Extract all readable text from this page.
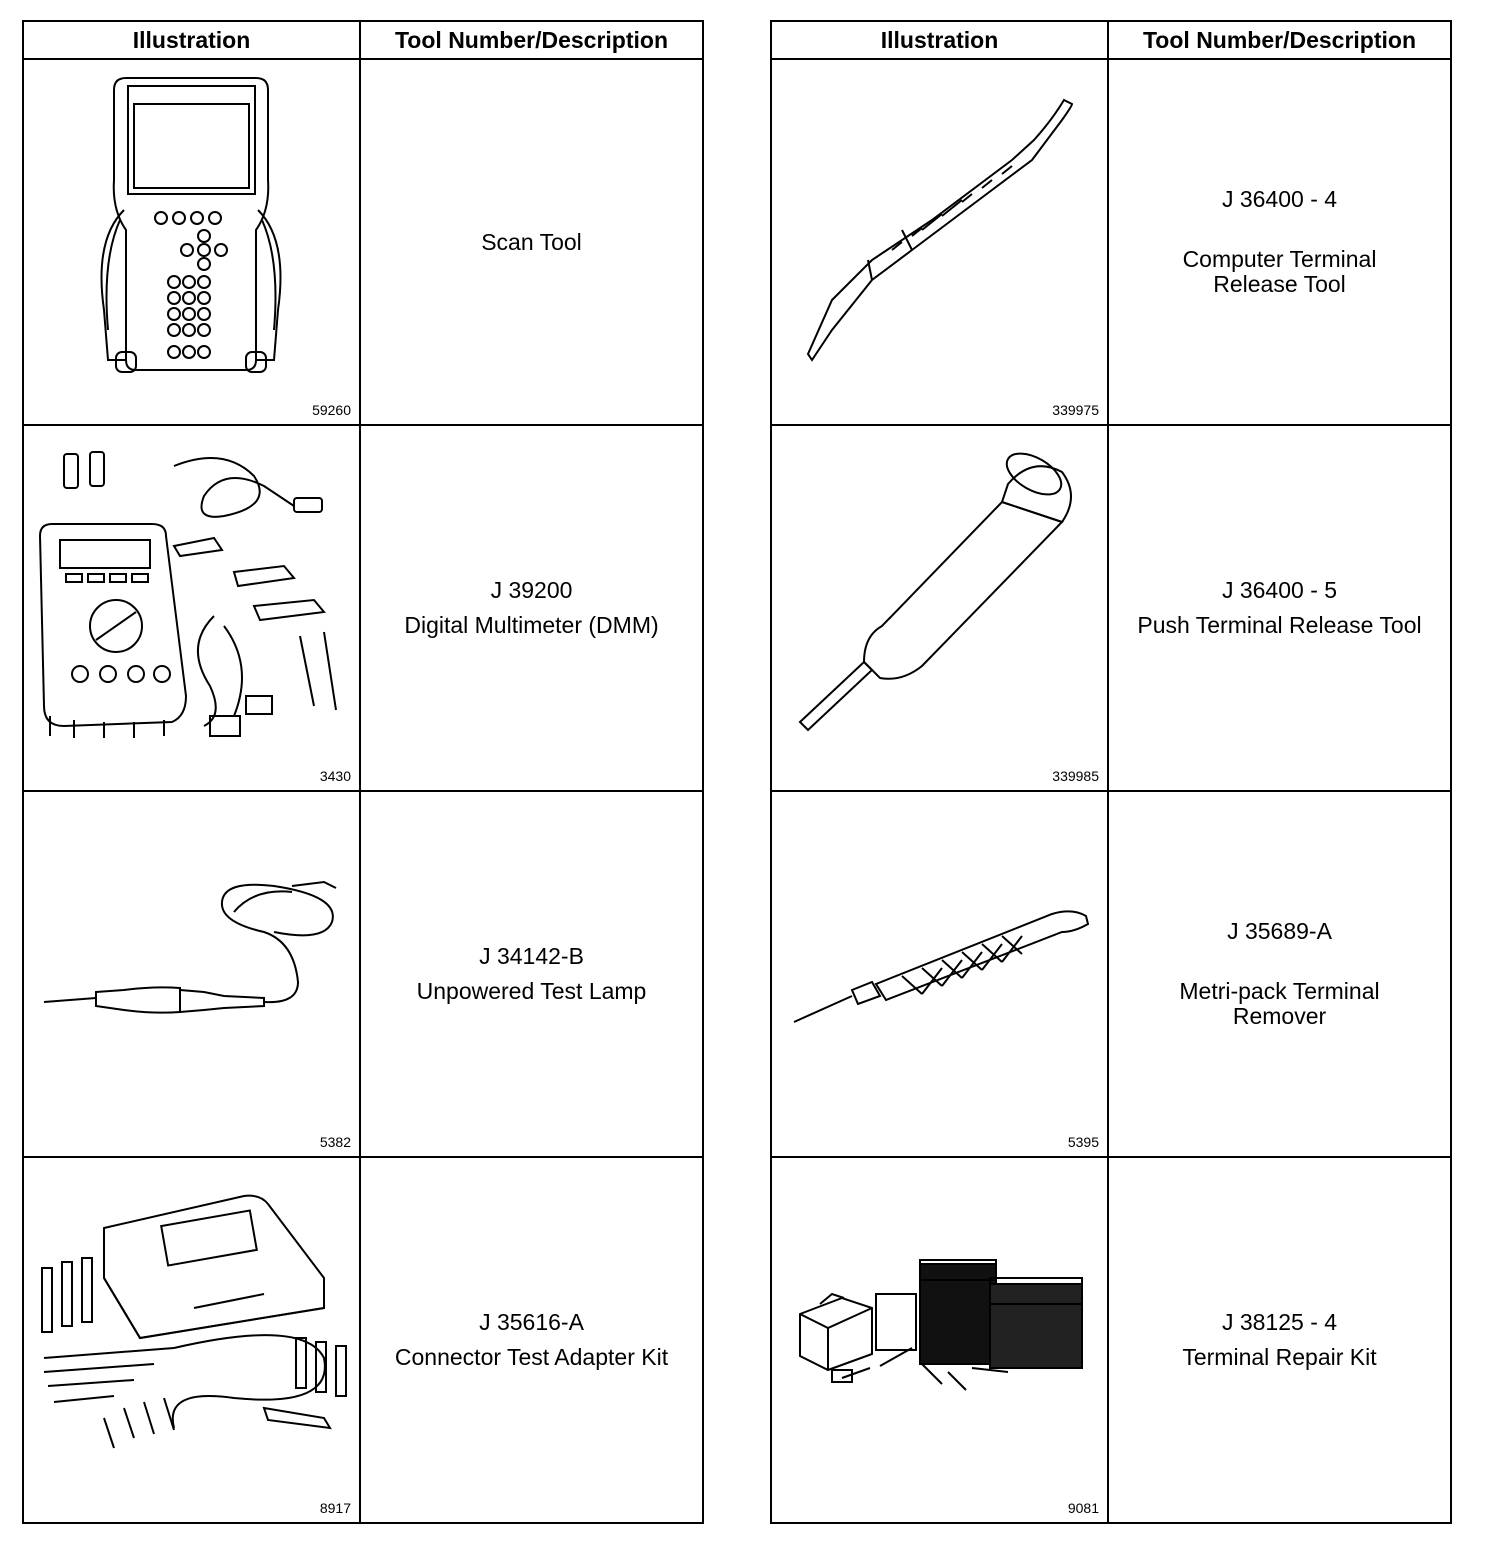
Illustration	Tool Number/Description

59260	Scan Tool

3430	J 39200
Digital Multimeter (DMM)

5382	J 34142-B
Unpowered Test Lamp

8917	J 35616-A
Connector Test Adapter Kit
Illustration	Tool Number/Description

339975	J 36400 - 4

Computer Terminal
Release Tool

339985	J 36400 - 5
Push Terminal Release Tool

5395	J 35689-A

Metri-pack Terminal
Remover

9081	J 38125 - 4
Terminal Repair Kit
